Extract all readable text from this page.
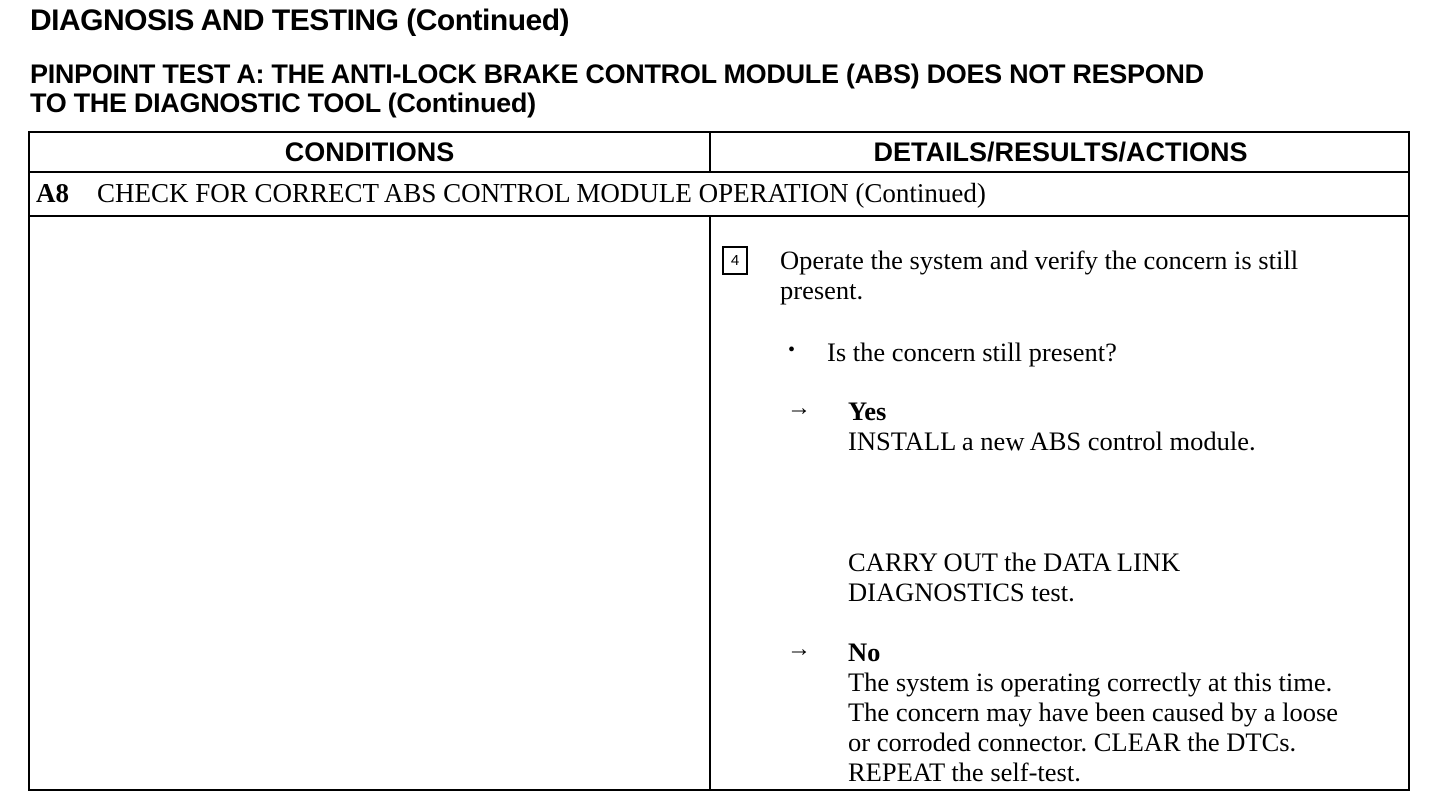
DIAGNOSIS AND TESTING (Continued)
PINPOINT TEST A: THE ANTI-LOCK BRAKE CONTROL MODULE (ABS) DOES NOT RESPOND
TO THE DIAGNOSTIC TOOL (Continued)
CONDITIONS	DETAILS/RESULTS/ACTIONS
A8 CHECK FOR CORRECT ABS CONTROL MODULE OPERATION (Continued)
4	Operate the system and verify the concern is still
present.
• Is the concern still present?
→ Yes
INSTALL a new ABS control module.
CARRY OUT the DATA LINK
DIAGNOSTICS test.
→ No
The system is operating correctly at this time.
The concern may have been caused by a loose
or corroded connector. CLEAR the DTCs.
REPEAT the self-test.
